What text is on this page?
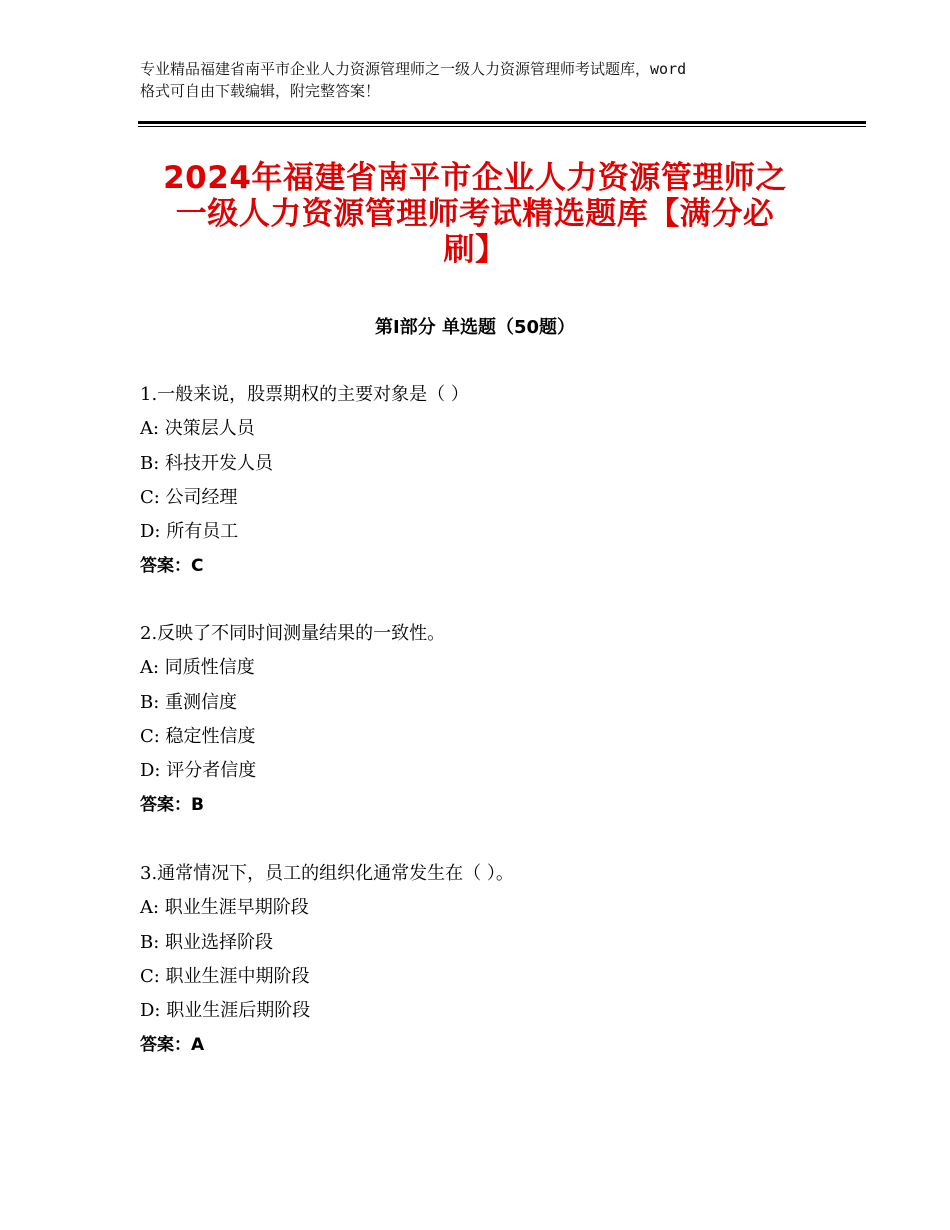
专业精品福建省南平市企业人力资源管理师之一级人力资源管理师考试题库，word
格式可自由下载编辑，附完整答案！
2024年福建省南平市企业人力资源管理师之
一级人力资源管理师考试精选题库【满分必
刷】
第Ⅰ部分 单选题（50题）
1.一般来说，股票期权的主要对象是（ ）
A: 决策层人员
B: 科技开发人员
C: 公司经理
D: 所有员工
答案：C
2.反映了不同时间测量结果的一致性。
A: 同质性信度
B: 重测信度
C: 稳定性信度
D: 评分者信度
答案：B
3.通常情况下，员工的组织化通常发生在（ ）。
A: 职业生涯早期阶段
B: 职业选择阶段
C: 职业生涯中期阶段
D: 职业生涯后期阶段
答案：A
